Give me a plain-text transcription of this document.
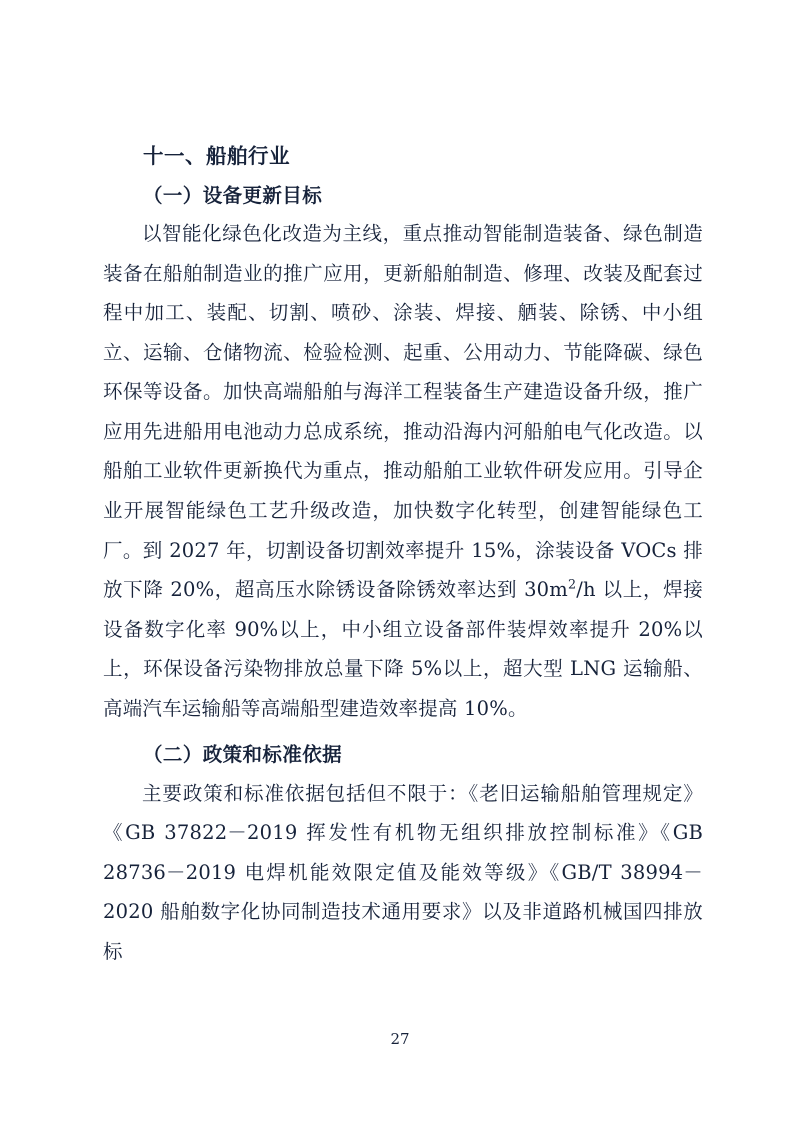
十一、船舶行业
（一）设备更新目标

以智能化绿色化改造为主线，重点推动智能制造装备、绿色制造装备在船舶制造业的推广应用，更新船舶制造、修理、改装及配套过程中加工、装配、切割、喷砂、涂装、焊接、舾装、除锈、中小组立、运输、仓储物流、检验检测、起重、公用动力、节能降碳、绿色环保等设备。加快高端船舶与海洋工程装备生产建造设备升级，推广应用先进船用电池动力总成系统，推动沿海内河船舶电气化改造。以船舶工业软件更新换代为重点，推动船舶工业软件研发应用。引导企业开展智能绿色工艺升级改造，加快数字化转型，创建智能绿色工厂。到 2027 年，切割设备切割效率提升 15%，涂装设备 VOCs 排放下降 20%，超高压水除锈设备除锈效率达到 $30m^2/h$ 以上，焊接设备数字化率 90%以上，中小组立设备部件装焊效率提升 20%以上，环保设备污染物排放总量下降 5%以上，超大型 LNG 运输船、高端汽车运输船等高端船型建造效率提高 10%。

（二）政策和标准依据

主要政策和标准依据包括但不限于：《老旧运输船舶管理规定》《GB 37822－2019 挥发性有机物无组织排放控制标准》《GB 28736－2019 电焊机能效限定值及能效等级》《GB/T 38994－2020 船舶数字化协同制造技术通用要求》以及非道路机械国四排放标

27
